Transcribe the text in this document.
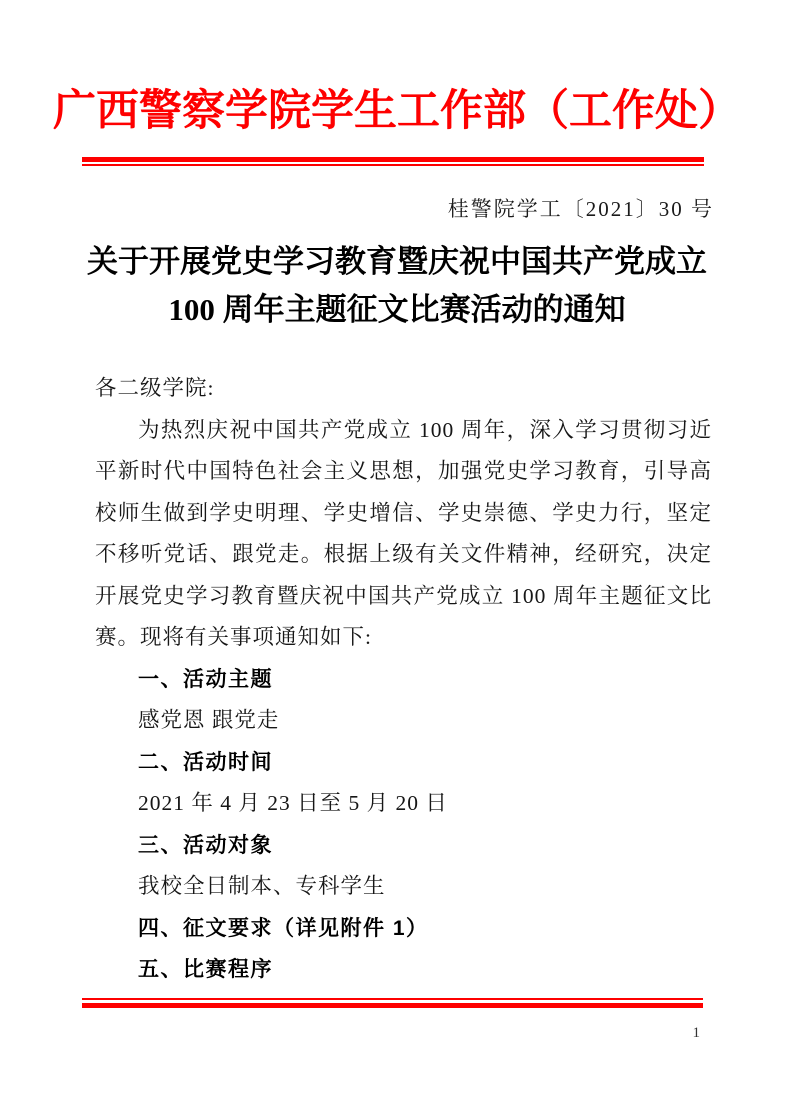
广西警察学院学生工作部（工作处）
桂警院学工〔2021〕30 号
关于开展党史学习教育暨庆祝中国共产党成立
100 周年主题征文比赛活动的通知

各二级学院:

为热烈庆祝中国共产党成立 100 周年，深入学习贯彻习近平新时代中国特色社会主义思想，加强党史学习教育，引导高校师生做到学史明理、学史增信、学史崇德、学史力行，坚定不移听党话、跟党走。根据上级有关文件精神，经研究，决定开展党史学习教育暨庆祝中国共产党成立 100 周年主题征文比赛。现将有关事项通知如下:

一、活动主题

感党恩 跟党走

二、活动时间

2021 年 4 月 23 日至 5 月 20 日

三、活动对象

我校全日制本、专科学生

四、征文要求（详见附件 1）

五、比赛程序

1
